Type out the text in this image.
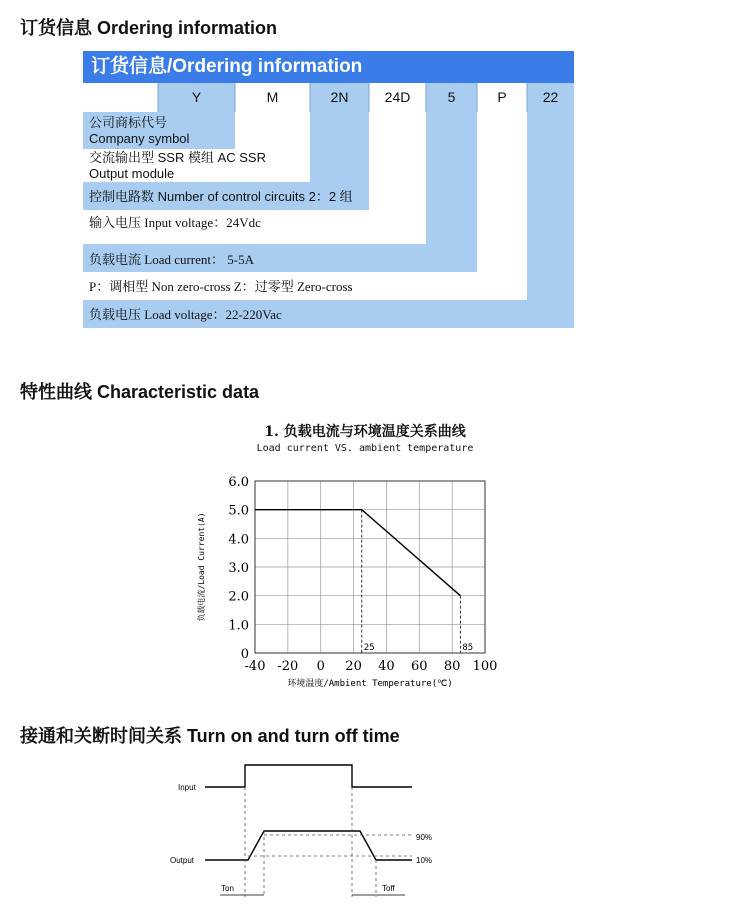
订货信息 Ordering information
订货信息/Ordering information
Y	M	2N	24D	5	P	22
公司商标代号
Company symbol
交流输出型 SSR 模组 AC SSR
Output module
控制电路数 Number of control circuits 2：2 组
输入电压 Input voltage：24Vdc
负载电流 Load current： 5-5A
P：调相型 Non zero-cross Z：过零型 Zero-cross
负载电压 Load voltage：22-220Vac
特性曲线 Characteristic data
1. 负载电流与环境温度关系曲线
Load current VS. ambient temperature
0
1.0
2.0
3.0
4.0
5.0
6.0
-40 -20 0 20 40 60 80 100
25	85
环境温度/Ambient Temperature(℃)
负载电流/Load Current(A)
接通和关断时间关系 Turn on and turn off time
Input
Output
90%
10%
Ton	Toff
